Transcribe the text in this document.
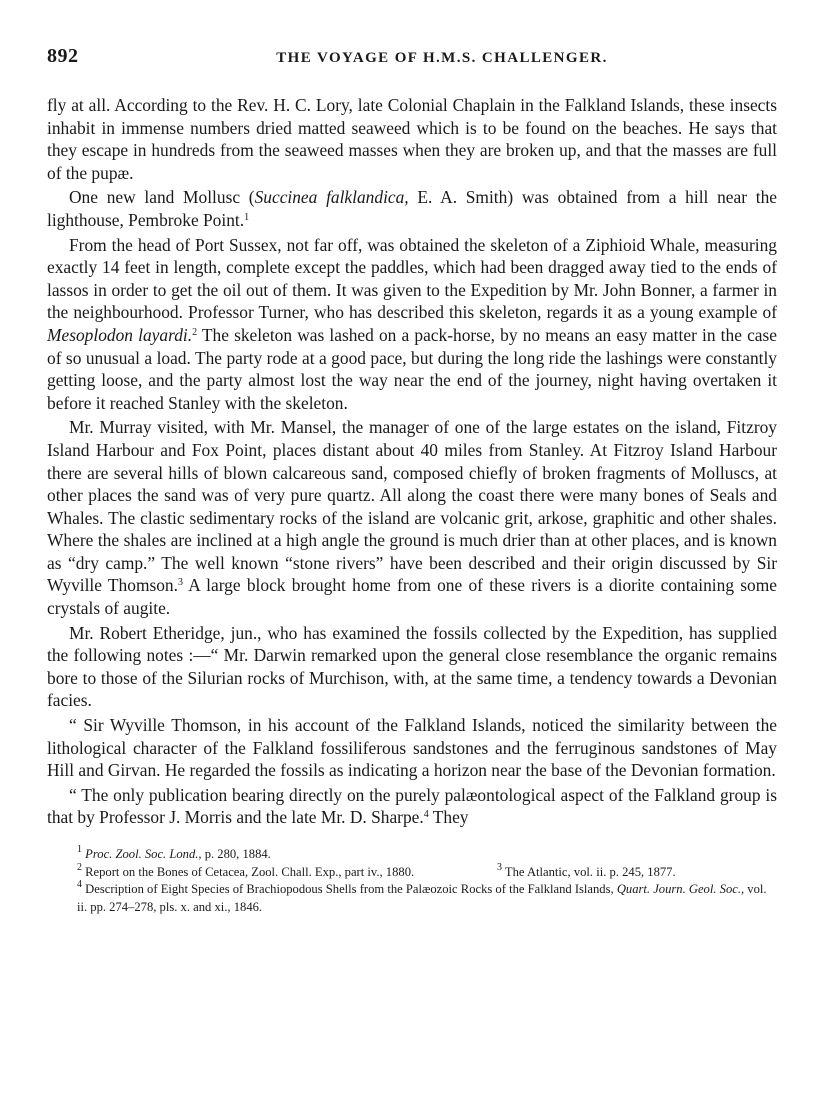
892	THE VOYAGE OF H.M.S. CHALLENGER.

fly at all. According to the Rev. H. C. Lory, late Colonial Chaplain in the Falkland Islands, these insects inhabit in immense numbers dried matted seaweed which is to be found on the beaches. He says that they escape in hundreds from the seaweed masses when they are broken up, and that the masses are full of the pupæ.

One new land Mollusc (Succinea falklandica, E. A. Smith) was obtained from a hill near the lighthouse, Pembroke Point.$^1$

From the head of Port Sussex, not far off, was obtained the skeleton of a Ziphioid Whale, measuring exactly 14 feet in length, complete except the paddles, which had been dragged away tied to the ends of lassos in order to get the oil out of them. It was given to the Expedition by Mr. John Bonner, a farmer in the neighbourhood. Professor Turner, who has described this skeleton, regards it as a young example of Mesoplodon layardi.$^2$ The skeleton was lashed on a pack-horse, by no means an easy matter in the case of so unusual a load. The party rode at a good pace, but during the long ride the lashings were constantly getting loose, and the party almost lost the way near the end of the journey, night having overtaken it before it reached Stanley with the skeleton.

Mr. Murray visited, with Mr. Mansel, the manager of one of the large estates on the island, Fitzroy Island Harbour and Fox Point, places distant about 40 miles from Stanley. At Fitzroy Island Harbour there are several hills of blown calcareous sand, composed chiefly of broken fragments of Molluscs, at other places the sand was of very pure quartz. All along the coast there were many bones of Seals and Whales. The clastic sedimentary rocks of the island are volcanic grit, arkose, graphitic and other shales. Where the shales are inclined at a high angle the ground is much drier than at other places, and is known as “dry camp.” The well known “stone rivers” have been described and their origin discussed by Sir Wyville Thomson.$^3$ A large block brought home from one of these rivers is a diorite containing some crystals of augite.

Mr. Robert Etheridge, jun., who has examined the fossils collected by the Expedition, has supplied the following notes :—“ Mr. Darwin remarked upon the general close resemblance the organic remains bore to those of the Silurian rocks of Murchison, with, at the same time, a tendency towards a Devonian facies.

“ Sir Wyville Thomson, in his account of the Falkland Islands, noticed the similarity between the lithological character of the Falkland fossiliferous sandstones and the ferruginous sandstones of May Hill and Girvan. He regarded the fossils as indicating a horizon near the base of the Devonian formation.

“ The only publication bearing directly on the purely palæontological aspect of the Falkland group is that by Professor J. Morris and the late Mr. D. Sharpe.$^4$ They

$^1$ Proc. Zool. Soc. Lond., p. 280, 1884.

$^2$ Report on the Bones of Cetacea, Zool. Chall. Exp., part iv., 1880.	$^3$ The Atlantic, vol. ii. p. 245, 1877.

$^4$ Description of Eight Species of Brachiopodous Shells from the Palæozoic Rocks of the Falkland Islands, Quart. Journ. Geol. Soc., vol. ii. pp. 274–278, pls. x. and xi., 1846.
